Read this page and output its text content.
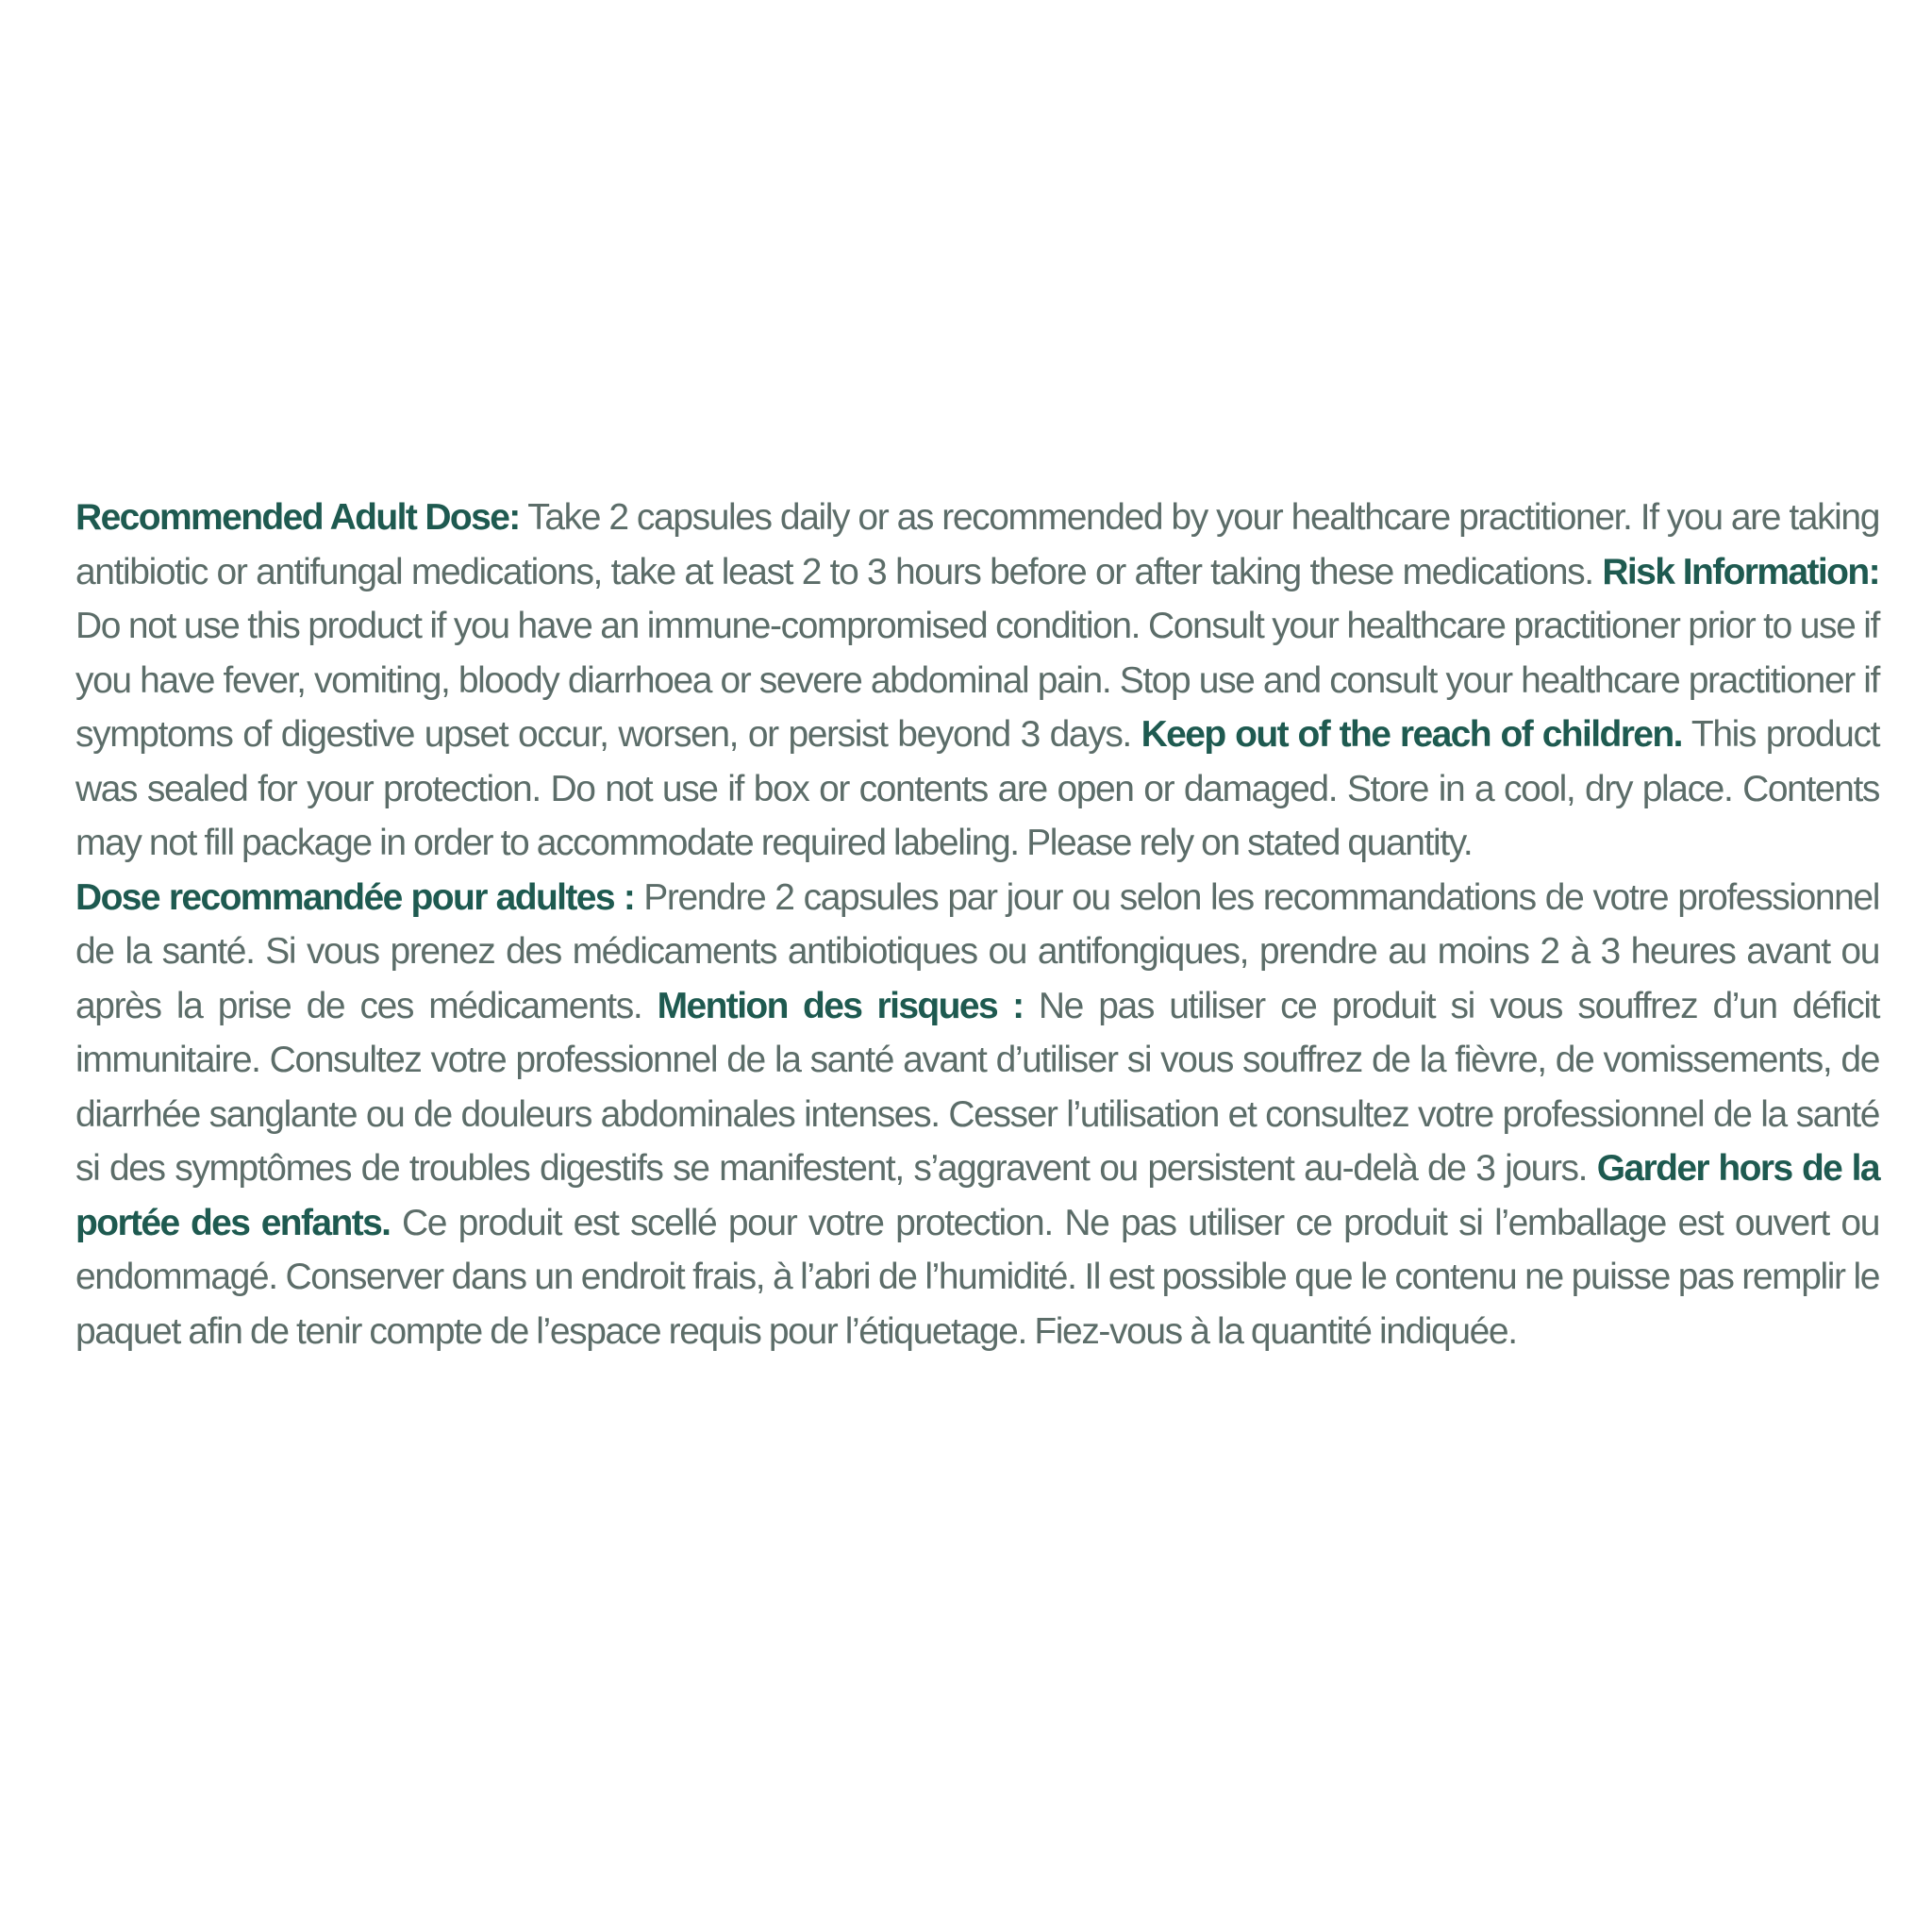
Recommended Adult Dose: Take 2 capsules daily or as recommended by your healthcare practitioner. If you are taking antibiotic or antifungal medications, take at least 2 to 3 hours before or after taking these medications. Risk Information: Do not use this product if you have an immune-compromised condition. Consult your healthcare practitioner prior to use if you have fever, vomiting, bloody diarrhoea or severe abdominal pain. Stop use and consult your healthcare practitioner if symptoms of digestive upset occur, worsen, or persist beyond 3 days. Keep out of the reach of children. This product was sealed for your protection. Do not use if box or contents are open or damaged. Store in a cool, dry place. Contents may not fill package in order to accommodate required labeling. Please rely on stated quantity.

Dose recommandée pour adultes : Prendre 2 capsules par jour ou selon les recommandations de votre professionnel de la santé. Si vous prenez des médicaments antibiotiques ou antifongiques, prendre au moins 2 à 3 heures avant ou après la prise de ces médicaments. Mention des risques : Ne pas utiliser ce produit si vous souffrez d’un déficit immunitaire. Consultez votre professionnel de la santé avant d’utiliser si vous souffrez de la fièvre, de vomissements, de diarrhée sanglante ou de douleurs abdominales intenses. Cesser l’utilisation et consultez votre professionnel de la santé si des symptômes de troubles digestifs se manifestent, s’aggravent ou persistent au-delà de 3 jours. Garder hors de la portée des enfants. Ce produit est scellé pour votre protection. Ne pas utiliser ce produit si l’emballage est ouvert ou endommagé. Conserver dans un endroit frais, à l’abri de l’humidité. Il est possible que le contenu ne puisse pas remplir le paquet afin de tenir compte de l’espace requis pour l’étiquetage. Fiez-vous à la quantité indiquée.
